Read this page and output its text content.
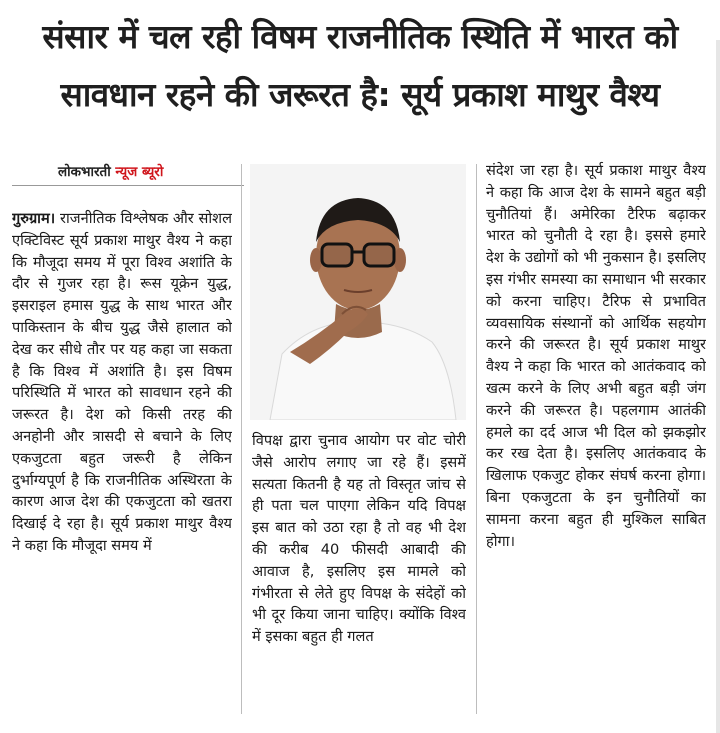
संसार में चल रही विषम राजनीतिक स्थिति में भारत को
सावधान रहने की जरूरत है: सूर्य प्रकाश माथुर वैश्य
लोकभारती न्यूज ब्यूरो
गुरुग्राम। राजनीतिक विश्लेषक और सोशल एक्टिविस्ट सूर्य प्रकाश माथुर वैश्य ने कहा कि मौजूदा समय में पूरा विश्व अशांति के दौर से गुजर रहा है। रूस यूक्रेन युद्ध, इसराइल हमास युद्ध के साथ भारत और पाकिस्तान के बीच युद्ध जैसे हालात को देख कर सीधे तौर पर यह कहा जा सकता है कि विश्व में अशांति है। इस विषम परिस्थिति में भारत को सावधान रहने की जरूरत है। देश को किसी तरह की अनहोनी और त्रासदी से बचाने के लिए एकजुटता बहुत जरूरी है लेकिन दुर्भाग्यपूर्ण है कि राजनीतिक अस्थिरता के कारण आज देश की एकजुटता को खतरा दिखाई दे रहा है। सूर्य प्रकाश माथुर वैश्य ने कहा कि मौजूदा समय में
विपक्ष द्वारा चुनाव आयोग पर वोट चोरी जैसे आरोप लगाए जा रहे हैं। इसमें सत्यता कितनी है यह तो विस्तृत जांच से ही पता चल पाएगा लेकिन यदि विपक्ष इस बात को उठा रहा है तो वह भी देश की करीब 40 फीसदी आबादी की आवाज है, इसलिए इस मामले को गंभीरता से लेते हुए विपक्ष के संदेहों को भी दूर किया जाना चाहिए। क्योंकि विश्व में इसका बहुत ही गलत
संदेश जा रहा है। सूर्य प्रकाश माथुर वैश्य ने कहा कि आज देश के सामने बहुत बड़ी चुनौतियां हैं। अमेरिका टैरिफ बढ़ाकर भारत को चुनौती दे रहा है। इससे हमारे देश के उद्योगों को भी नुकसान है। इसलिए इस गंभीर समस्या का समाधान भी सरकार को करना चाहिए। टैरिफ से प्रभावित व्यवसायिक संस्थानों को आर्थिक सहयोग करने की जरूरत है। सूर्य प्रकाश माथुर वैश्य ने कहा कि भारत को आतंकवाद को खत्म करने के लिए अभी बहुत बड़ी जंग करने की जरूरत है। पहलगाम आतंकी हमले का दर्द आज भी दिल को झकझोर कर रख देता है। इसलिए आतंकवाद के खिलाफ एकजुट होकर संघर्ष करना होगा। बिना एकजुटता के इन चुनौतियों का सामना करना बहुत ही मुश्किल साबित होगा।
